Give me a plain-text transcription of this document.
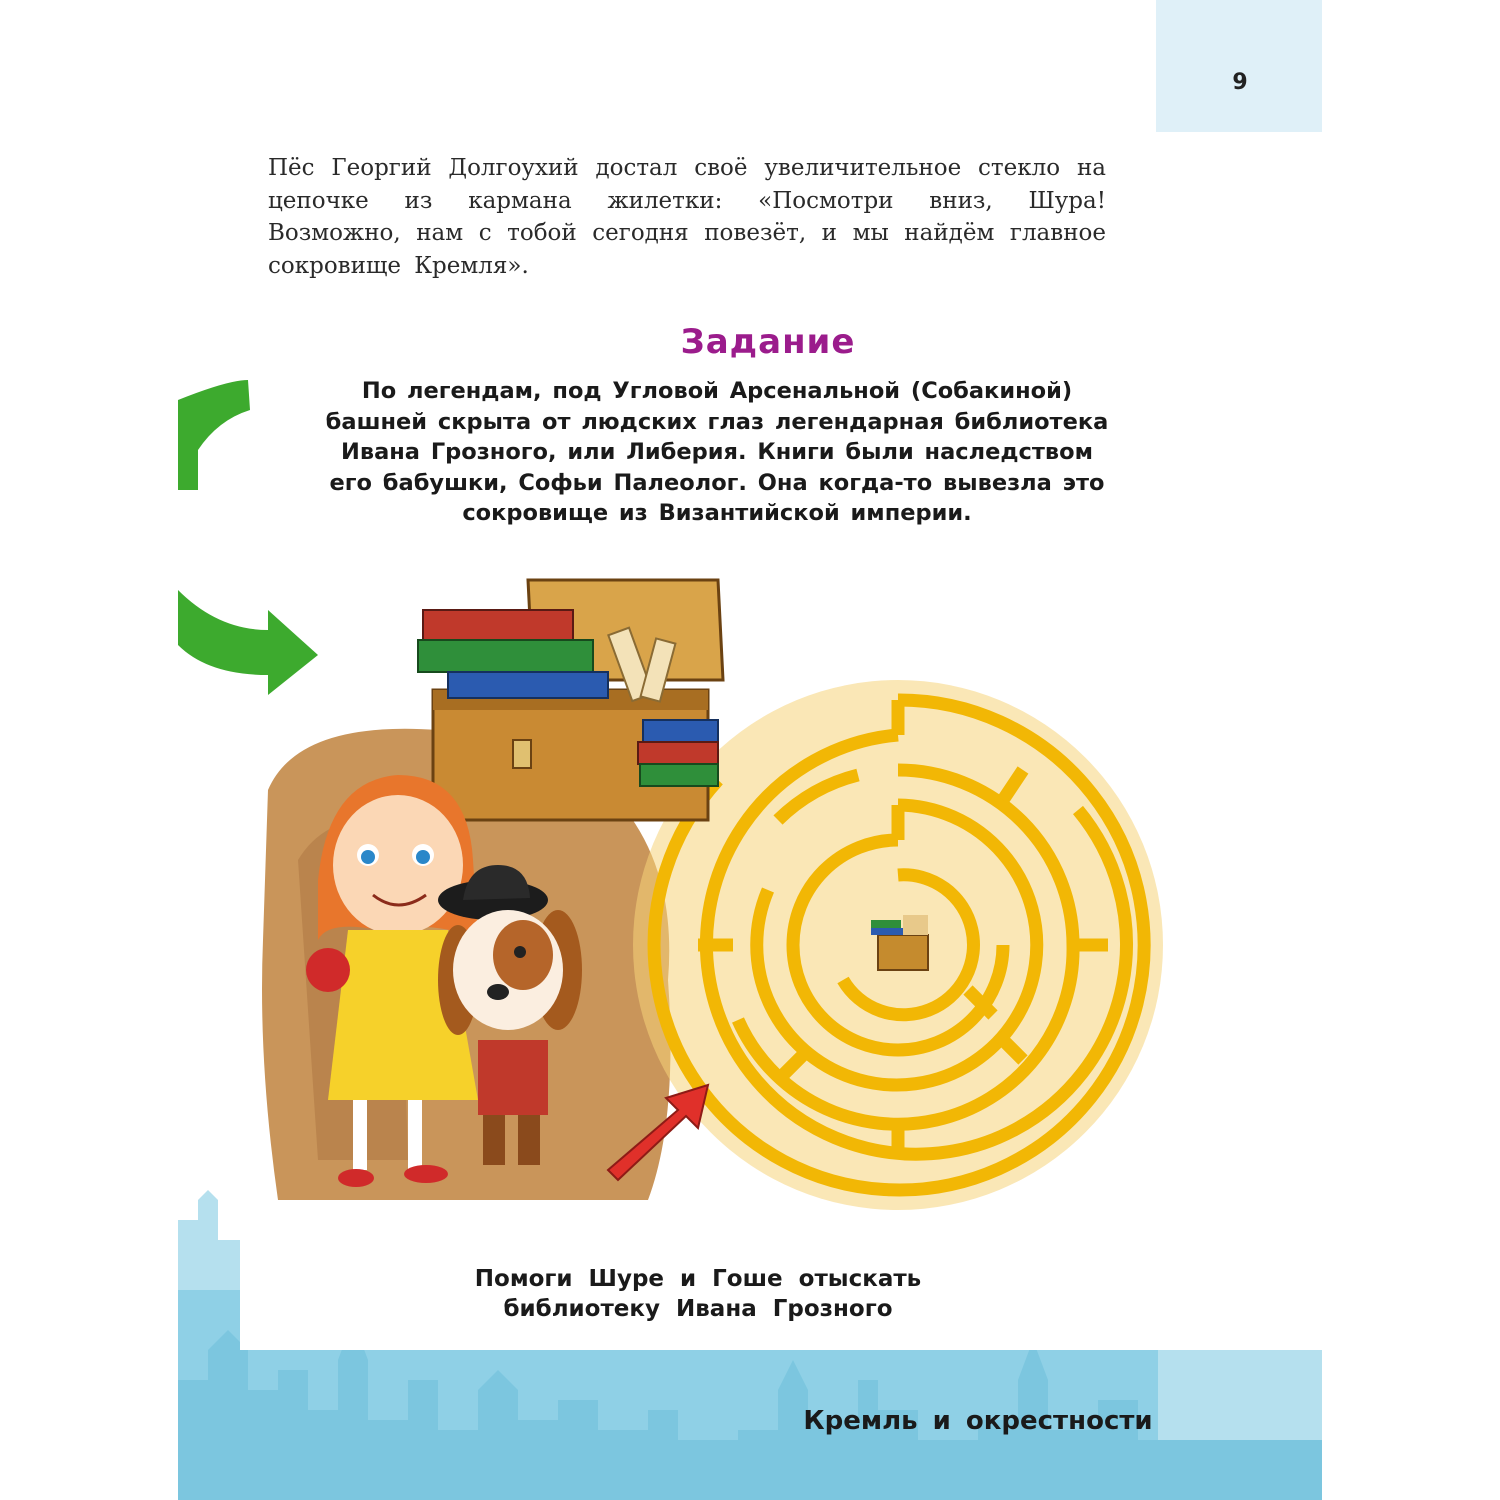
9

Пёс Георгий Долгоухий достал своё увеличительное стекло на цепочке из кармана жилетки: «Посмотри вниз, Шура! Возможно, нам с тобой сегодня повезёт, и мы найдём главное сокровище Кремля».

Задание

По легендам, под Угловой Арсенальной (Собакиной)
башней скрыта от людских глаз легендарная библиотека
Ивана Грозного, или Либерия. Книги были наследством
его бабушки, Софьи Палеолог. Она когда-то вывезла это
сокровище из Византийской империи.

Помоги Шуре и Гоше отыскать
библиотеку Ивана Грозного
Кремль и окрестности
